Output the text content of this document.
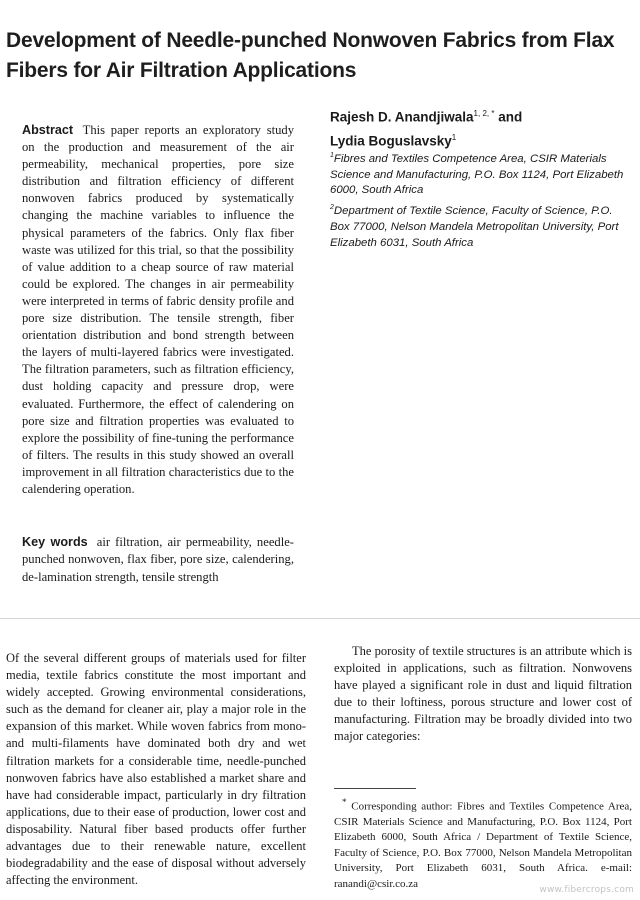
Development of Needle-punched Nonwoven Fabrics from Flax Fibers for Air Filtration Applications
Abstract This paper reports an exploratory study on the production and measurement of the air permeability, mechanical properties, pore size distribution and filtration efficiency of different nonwoven fabrics produced by systematically changing the machine variables to influence the physical parameters of the fabrics. Only flax fiber waste was utilized for this trial, so that the possibility of value addition to a cheap source of raw material could be explored. The changes in air permeability were interpreted in terms of fabric density profile and pore size distribution. The tensile strength, fiber orientation distribution and bond strength between the layers of multi-layered fabrics were investigated. The filtration parameters, such as filtration efficiency, dust holding capacity and pressure drop, were evaluated. Furthermore, the effect of calendering on pore size and filtration properties was evaluated to explore the possibility of fine-tuning the performance of filters. The results in this study showed an overall improvement in all filtration characteristics due to the calendering operation.
Key words air filtration, air permeability, needle-punched nonwoven, flax fiber, pore size, calendering, de-lamination strength, tensile strength
Rajesh D. Anandjiwala$^{1, 2, *}$ and
Lydia Boguslavsky$^1$

$^1$Fibres and Textiles Competence Area, CSIR Materials Science and Manufacturing, P.O. Box 1124, Port Elizabeth 6000, South Africa

$^2$Department of Textile Science, Faculty of Science, P.O. Box 77000, Nelson Mandela Metropolitan University, Port Elizabeth 6031, South Africa

Of the several different groups of materials used for filter media, textile fabrics constitute the most important and widely accepted. Growing environmental considerations, such as the demand for cleaner air, play a major role in the expansion of this market. While woven fabrics from mono- and multi-filaments have dominated both dry and wet filtration markets for a considerable time, needle-punched nonwoven fabrics have also established a market share and have had considerable impact, particularly in dry filtration applications, due to their ease of production, lower cost and disposability. Natural fiber based products offer further advantages due to their renewable nature, excellent biodegradability and the ease of disposal without adversely affecting the environment.
The porosity of textile structures is an attribute which is exploited in applications, such as filtration. Nonwovens have played a significant role in dust and liquid filtration due to their loftiness, porous structure and lower cost of manufacturing. Filtration may be broadly divided into two major categories:
* Corresponding author: Fibres and Textiles Competence Area, CSIR Materials Science and Manufacturing, P.O. Box 1124, Port Elizabeth 6000, South Africa / Department of Textile Science, Faculty of Science, P.O. Box 77000, Nelson Mandela Metropolitan University, Port Elizabeth 6031, South Africa. e-mail: ranandi@csir.co.za
www.fibercrops.com
